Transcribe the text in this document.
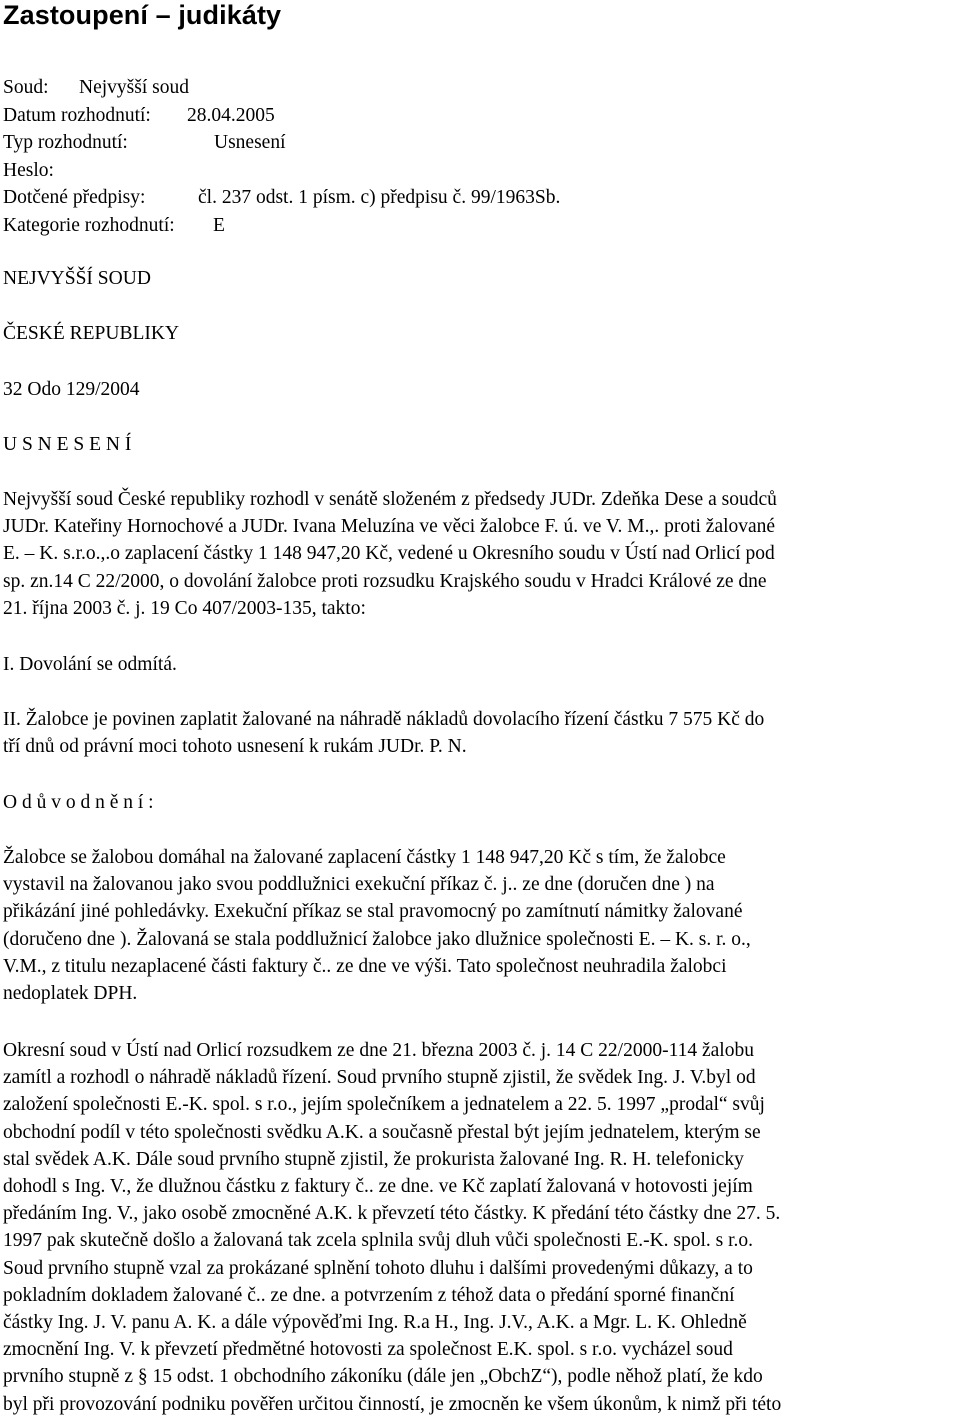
Zastoupení – judikáty
Soud:	Nejvyšší soud
Datum rozhodnutí:	28.04.2005
Typ rozhodnutí:	Usnesení
Heslo:
Dotčené předpisy:	čl. 237 odst. 1 písm. c) předpisu č. 99/1963Sb.
Kategorie rozhodnutí:	E
NEJVYŠŠÍ SOUD
ČESKÉ REPUBLIKY
32 Odo 129/2004
U S N E S E N Í
Nejvyšší soud České republiky rozhodl v senátě složeném z předsedy JUDr. Zdeňka Dese a soudců
JUDr. Kateřiny Hornochové a JUDr. Ivana Meluzína ve věci žalobce F. ú. ve V. M.,. proti žalované
E. – K. s.r.o.,.o zaplacení částky 1 148 947,20 Kč, vedené u Okresního soudu v Ústí nad Orlicí pod
sp. zn.14 C 22/2000, o dovolání žalobce proti rozsudku Krajského soudu v Hradci Králové ze dne
21. října 2003 č. j. 19 Co 407/2003-135, takto:
I. Dovolání se odmítá.
II. Žalobce je povinen zaplatit žalované na náhradě nákladů dovolacího řízení částku 7 575 Kč do
tří dnů od právní moci tohoto usnesení k rukám JUDr. P. N.
O d ů v o d n ě n í :
Žalobce se žalobou domáhal na žalované zaplacení částky 1 148 947,20 Kč s tím, že žalobce
vystavil na žalovanou jako svou poddlužnici exekuční příkaz č. j.. ze dne (doručen dne ) na
přikázání jiné pohledávky. Exekuční příkaz se stal pravomocný po zamítnutí námitky žalované
(doručeno dne ). Žalovaná se stala poddlužnicí žalobce jako dlužnice společnosti E. – K. s. r. o.,
V.M., z titulu nezaplacené části faktury č.. ze dne ve výši. Tato společnost neuhradila žalobci
nedoplatek DPH.
Okresní soud v Ústí nad Orlicí rozsudkem ze dne 21. března 2003 č. j. 14 C 22/2000-114 žalobu
zamítl a rozhodl o náhradě nákladů řízení. Soud prvního stupně zjistil, že svědek Ing. J. V.byl od
založení společnosti E.-K. spol. s r.o., jejím společníkem a jednatelem a 22. 5. 1997 „prodal“ svůj
obchodní podíl v této společnosti svědku A.K. a současně přestal být jejím jednatelem, kterým se
stal svědek A.K. Dále soud prvního stupně zjistil, že prokurista žalované Ing. R. H. telefonicky
dohodl s Ing. V., že dlužnou částku z faktury č.. ze dne. ve Kč zaplatí žalovaná v hotovosti jejím
předáním Ing. V., jako osobě zmocněné A.K. k převzetí této částky. K předání této částky dne 27. 5.
1997 pak skutečně došlo a žalovaná tak zcela splnila svůj dluh vůči společnosti E.-K. spol. s r.o.
Soud prvního stupně vzal za prokázané splnění tohoto dluhu i dalšími provedenými důkazy, a to
pokladním dokladem žalované č.. ze dne. a potvrzením z téhož data o předání sporné finanční
částky Ing. J. V. panu A. K. a dále výpověďmi Ing. R.a H., Ing. J.V., A.K. a Mgr. L. K. Ohledně
zmocnění Ing. V. k převzetí předmětné hotovosti za společnost E.K. spol. s r.o. vycházel soud
prvního stupně z § 15 odst. 1 obchodního zákoníku (dále jen „ObchZ“), podle něhož platí, že kdo
byl při provozování podniku pověřen určitou činností, je zmocněn ke všem úkonům, k nimž při této
